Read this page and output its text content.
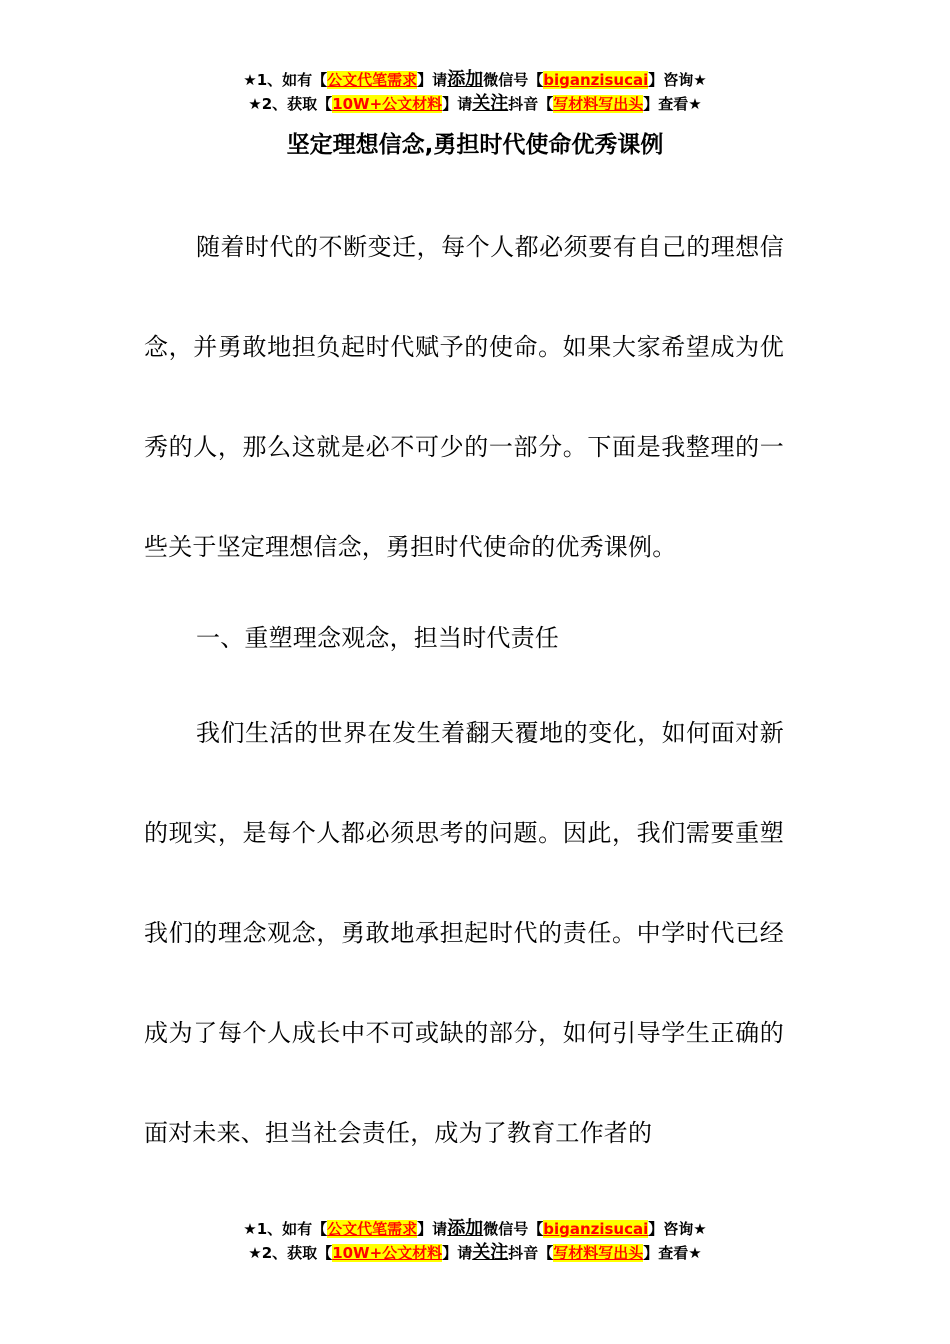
★1、如有【公文代笔需求】请添加微信号【biganzisucai】咨询★
★2、获取【10W+公文材料】请关注抖音【写材料写出头】查看★
坚定理想信念,勇担时代使命优秀课例

随着时代的不断变迁，每个人都必须要有自己的理想信念，并勇敢地担负起时代赋予的使命。如果大家希望成为优秀的人，那么这就是必不可少的一部分。下面是我整理的一些关于坚定理想信念，勇担时代使命的优秀课例。

一、重塑理念观念，担当时代责任

我们生活的世界在发生着翻天覆地的变化，如何面对新的现实，是每个人都必须思考的问题。因此，我们需要重塑我们的理念观念，勇敢地承担起时代的责任。中学时代已经成为了每个人成长中不可或缺的部分，如何引导学生正确的面对未来、担当社会责任，成为了教育工作者的

★1、如有【公文代笔需求】请添加微信号【biganzisucai】咨询★
★2、获取【10W+公文材料】请关注抖音【写材料写出头】查看★
